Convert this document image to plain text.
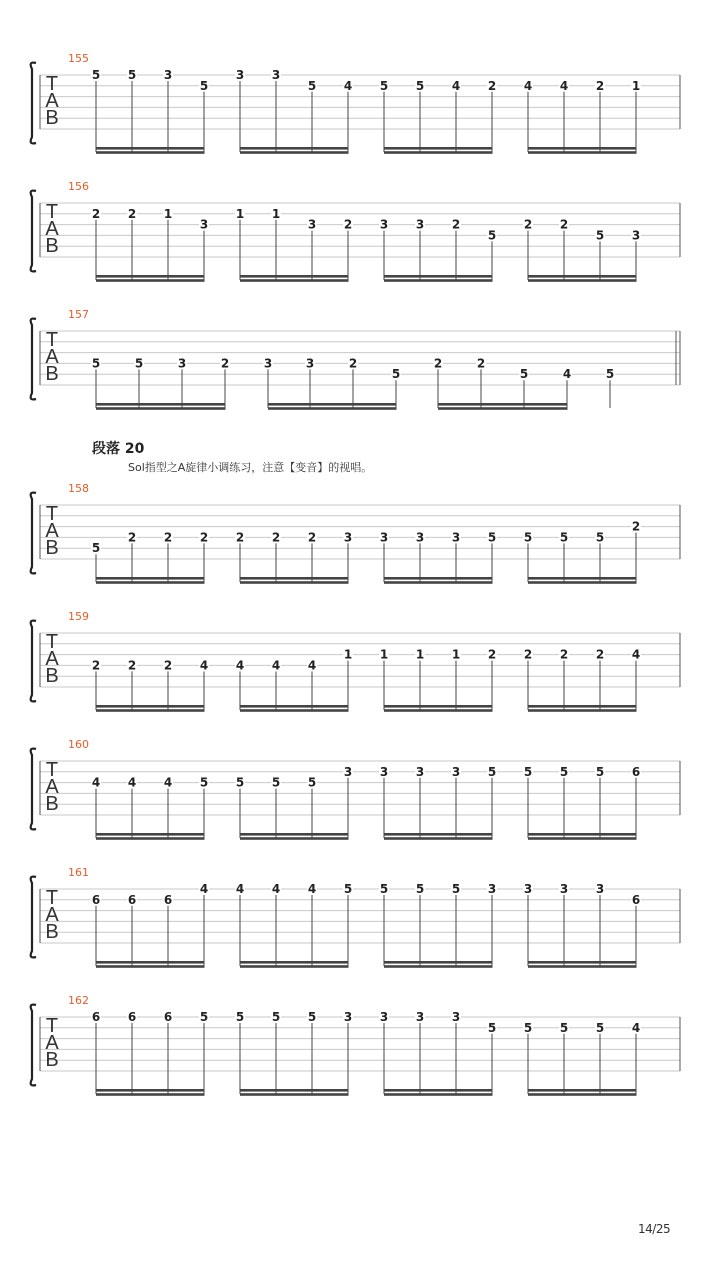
T
A
B
155
5 5 3
5
3 3
5 4 5 5 4 2 4 4 2 1
T
A
B
156
2 2 1
3
1 1
3 2 3 3 2
5
2 2
5 3
T
A
B
157
5	5	3	2	3	3	2
5
2	2
5	4	5
T
A
B
158
5
2 2 2 2 2 2 3 3 3 3 5 5 5 5
2
T
A
B
159
2 2 2 4 4 4 4
1 1 1 1 2 2 2 2 4
T
A
B
160
4 4 4 5 5 5 5
3 3 3 3 5 5 5 5 6
T
A
B
161
6 6 6
4 4 4 4 5 5 5 5 3 3 3 3
6
T
A
B
162
6 6 6 5 5 5 5 3 3 3 3
5 5 5 5 4
段落 20
Sol指型之A旋律小调练习，注意【变音】的视唱。
14/25
